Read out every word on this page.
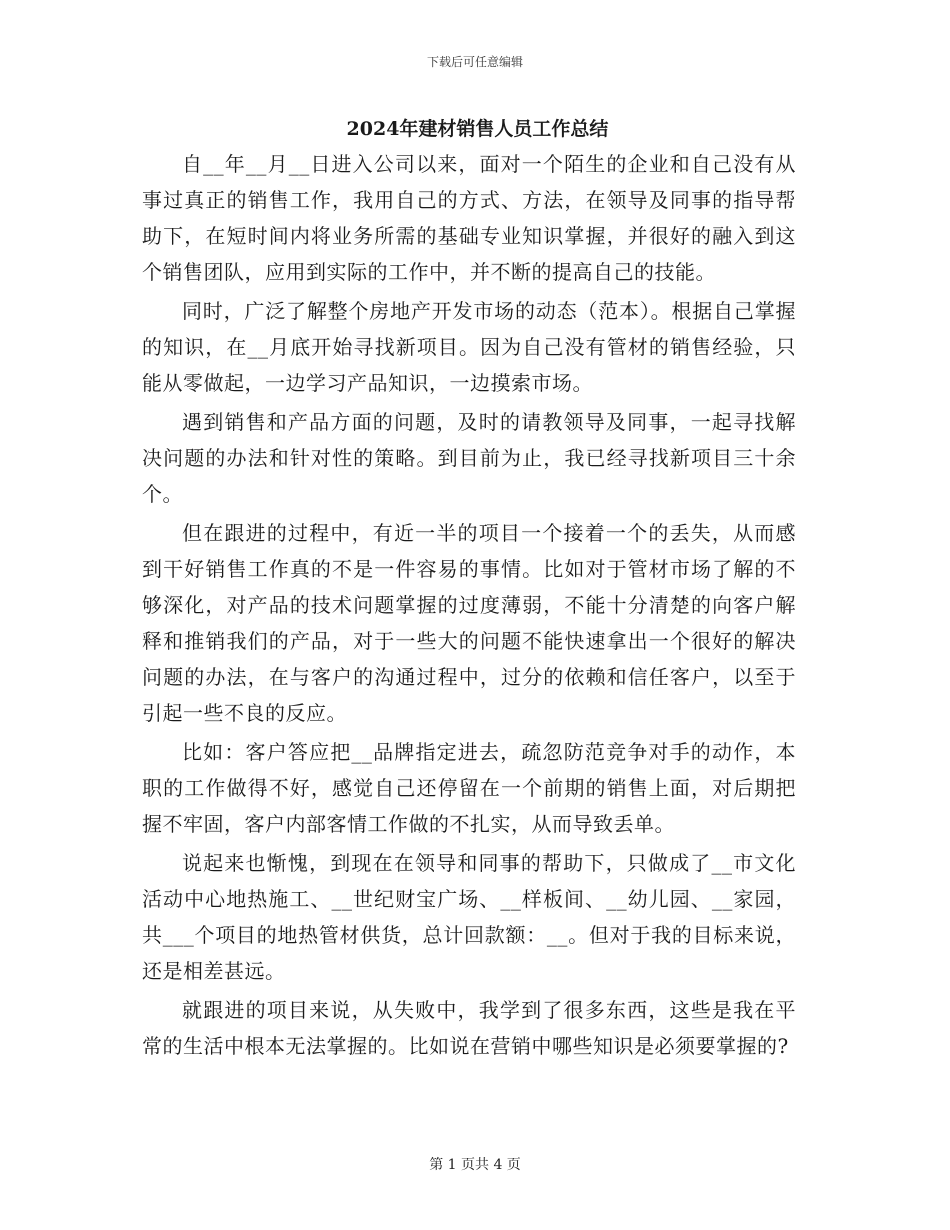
下载后可任意编辑
2024年建材销售人员工作总结

自__年__月__日进入公司以来，面对一个陌生的企业和自己没有从事过真正的销售工作，我用自己的方式、方法，在领导及同事的指导帮助下，在短时间内将业务所需的基础专业知识掌握，并很好的融入到这个销售团队，应用到实际的工作中，并不断的提高自己的技能。

同时，广泛了解整个房地产开发市场的动态（范本）。根据自己掌握的知识，在__月底开始寻找新项目。因为自己没有管材的销售经验，只能从零做起，一边学习产品知识，一边摸索市场。

遇到销售和产品方面的问题，及时的请教领导及同事，一起寻找解决问题的办法和针对性的策略。到目前为止，我已经寻找新项目三十余个。

但在跟进的过程中，有近一半的项目一个接着一个的丢失，从而感到干好销售工作真的不是一件容易的事情。比如对于管材市场了解的不够深化，对产品的技术问题掌握的过度薄弱，不能十分清楚的向客户解释和推销我们的产品，对于一些大的问题不能快速拿出一个很好的解决问题的办法，在与客户的沟通过程中，过分的依赖和信任客户，以至于引起一些不良的反应。

比如：客户答应把__品牌指定进去，疏忽防范竞争对手的动作，本职的工作做得不好，感觉自己还停留在一个前期的销售上面，对后期把握不牢固，客户内部客情工作做的不扎实，从而导致丢单。

说起来也惭愧，到现在在领导和同事的帮助下，只做成了__市文化活动中心地热施工、__世纪财宝广场、__样板间、__幼儿园、__家园，共___个项目的地热管材供货，总计回款额：__。但对于我的目标来说，还是相差甚远。

就跟进的项目来说，从失败中，我学到了很多东西，这些是我在平常的生活中根本无法掌握的。比如说在营销中哪些知识是必须要掌握的?

第 1 页共 4 页
